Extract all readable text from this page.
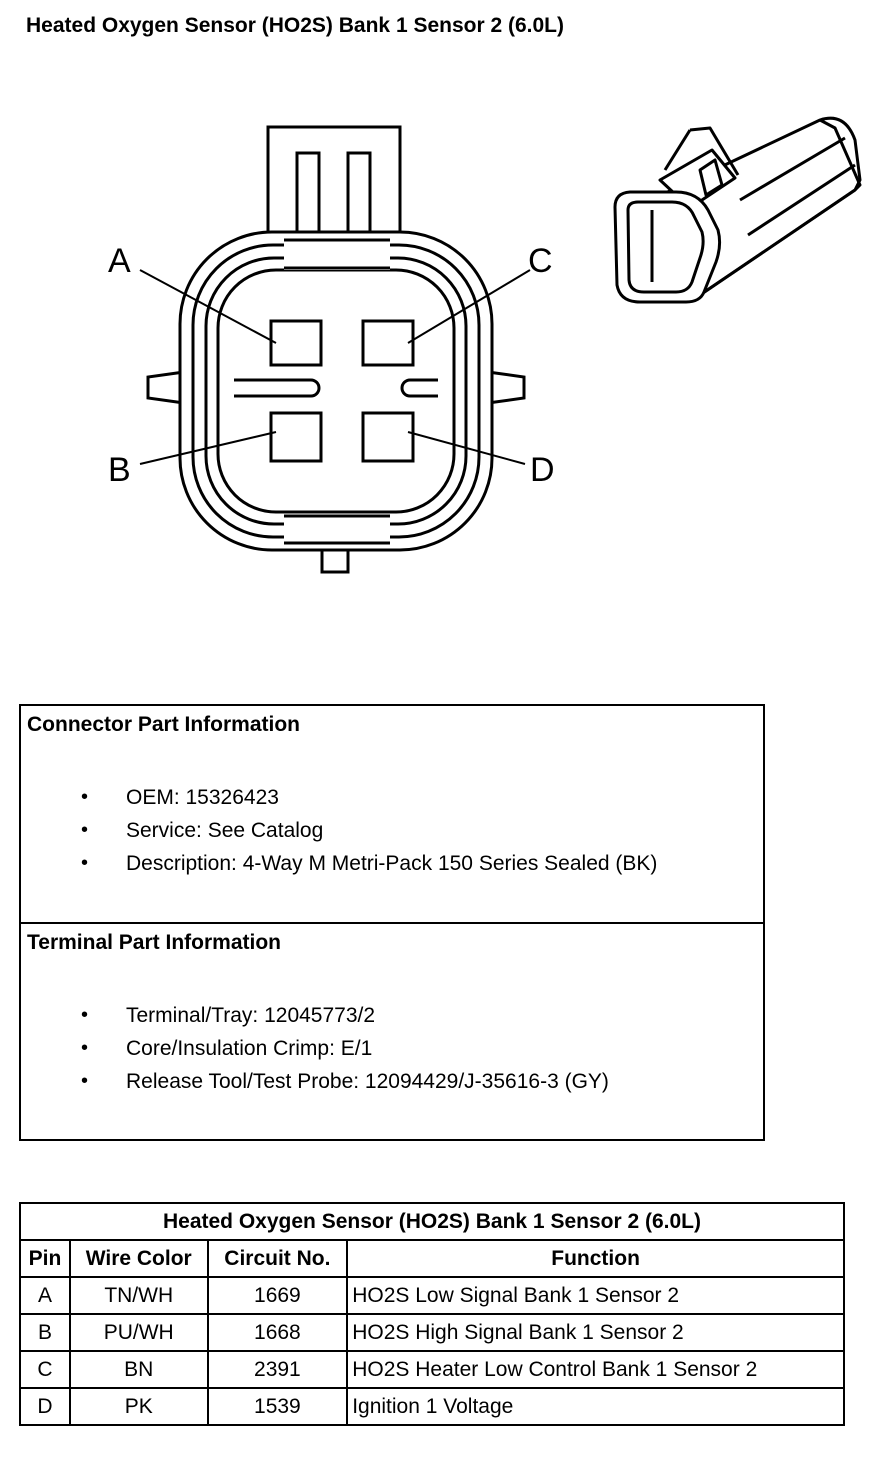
Heated Oxygen Sensor (HO2S) Bank 1 Sensor 2 (6.0L)
A	C
B	D
Connector Part Information
• OEM: 15326423
• Service: See Catalog
• Description: 4-Way M Metri-Pack 150 Series Sealed (BK)
Terminal Part Information
• Terminal/Tray: 12045773/2
• Core/Insulation Crimp: E/1
• Release Tool/Test Probe: 12094429/J-35616-3 (GY)
Heated Oxygen Sensor (HO2S) Bank 1 Sensor 2 (6.0L)			
Pin	Wire Color	Circuit No.	Function
A	TN/WH	1669	HO2S Low Signal Bank 1 Sensor 2
B	PU/WH	1668	HO2S High Signal Bank 1 Sensor 2
C	BN	2391	HO2S Heater Low Control Bank 1 Sensor 2
D	PK	1539	Ignition 1 Voltage
